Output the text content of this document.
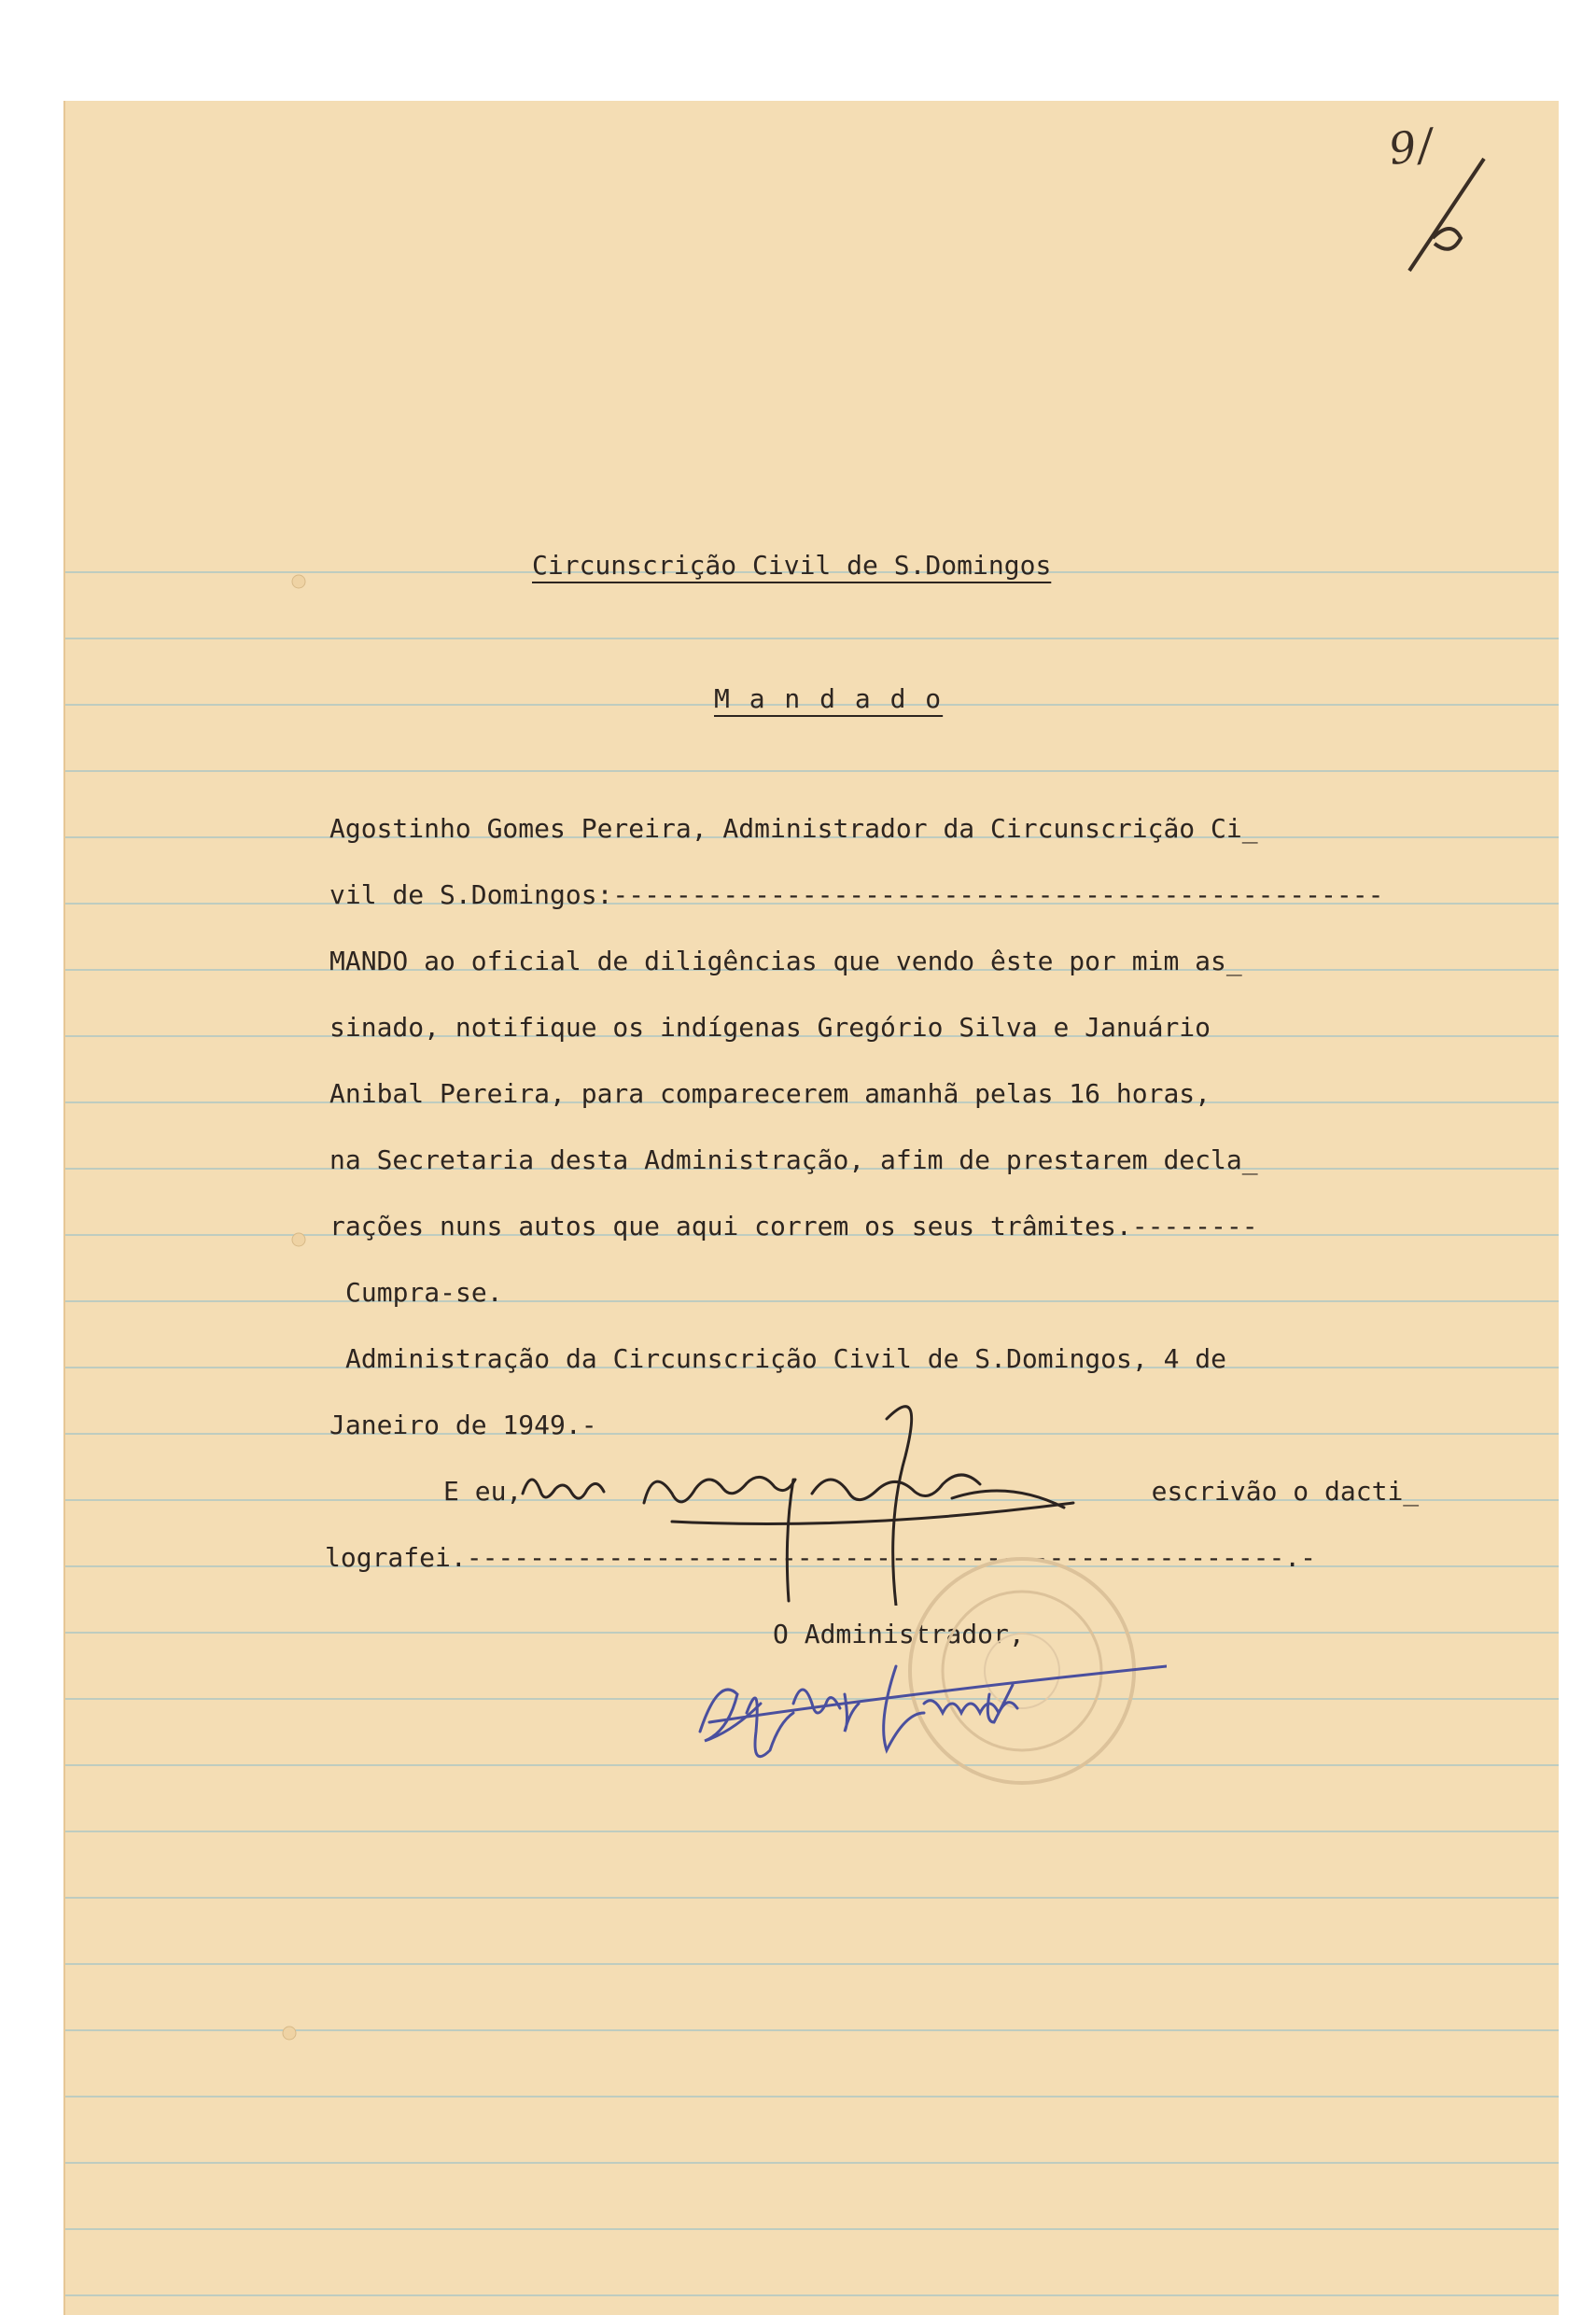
9/

Circunscrição Civil de S.Domingos

M a n d a d o

Agostinho Gomes Pereira, Administrador da Circunscrição Ci_

vil de S.Domingos:-------------------------------------------------

MANDO ao oficial de diligências que vendo êste por mim as_

sinado, notifique os indígenas Gregório Silva e Januário

Anibal Pereira, para comparecerem amanhã pelas 16 horas,

na Secretaria desta Administração, afim de prestarem decla_

rações nuns autos que aqui correm os seus trâmites.--------

Cumpra-se.

Administração da Circunscrição Civil de S.Domingos, 4 de

Janeiro de 1949.-

E eu,                                        escrivão o dacti_

lografei.----------------------------------------------------.-

O Administrador,
